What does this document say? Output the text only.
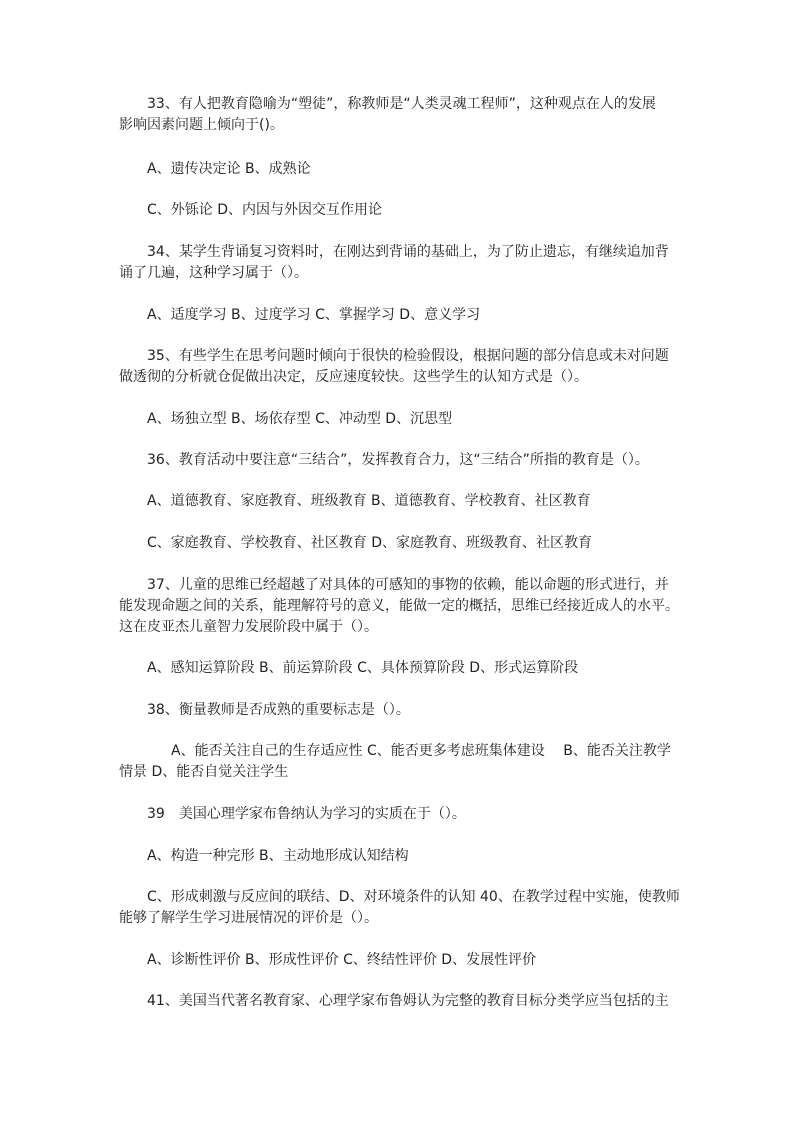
33、有人把教育隐喻为“塑徒”，称教师是“人类灵魂工程师”，这种观点在人的发展
影响因素问题上倾向于()。
A、遗传决定论 B、成熟论
C、外铄论 D、内因与外因交互作用论
34、某学生背诵复习资料时，在刚达到背诵的基础上，为了防止遗忘，有继续追加背
诵了几遍，这种学习属于（）。
A、适度学习 B、过度学习 C、掌握学习 D、意义学习
35、有些学生在思考问题时倾向于很快的检验假设，根据问题的部分信息或未对问题
做透彻的分析就仓促做出决定，反应速度较快。这些学生的认知方式是（）。
A、场独立型 B、场依存型 C、冲动型 D、沉思型
36、教育活动中要注意“三结合”，发挥教育合力，这“三结合”所指的教育是（）。
A、道德教育、家庭教育、班级教育 B、道德教育、学校教育、社区教育
C、家庭教育、学校教育、社区教育 D、家庭教育、班级教育、社区教育
37、儿童的思维已经超越了对具体的可感知的事物的依赖，能以命题的形式进行，并
能发现命题之间的关系，能理解符号的意义，能做一定的概括，思维已经接近成人的水平。
这在皮亚杰儿童智力发展阶段中属于（）。
A、感知运算阶段 B、前运算阶段 C、具体预算阶段 D、形式运算阶段
38、衡量教师是否成熟的重要标志是（）。
A、能否关注自己的生存适应性 C、能否更多考虑班集体建设　 B、能否关注教学
情景 D、能否自觉关注学生
39　美国心理学家布鲁纳认为学习的实质在于（）。
A、构造一种完形 B、主动地形成认知结构
C、形成刺激与反应间的联结、D、对环境条件的认知 40、在教学过程中实施，使教师
能够了解学生学习进展情况的评价是（）。
A、诊断性评价 B、形成性评价 C、终结性评价 D、发展性评价
41、美国当代著名教育家、心理学家布鲁姆认为完整的教育目标分类学应当包括的主
